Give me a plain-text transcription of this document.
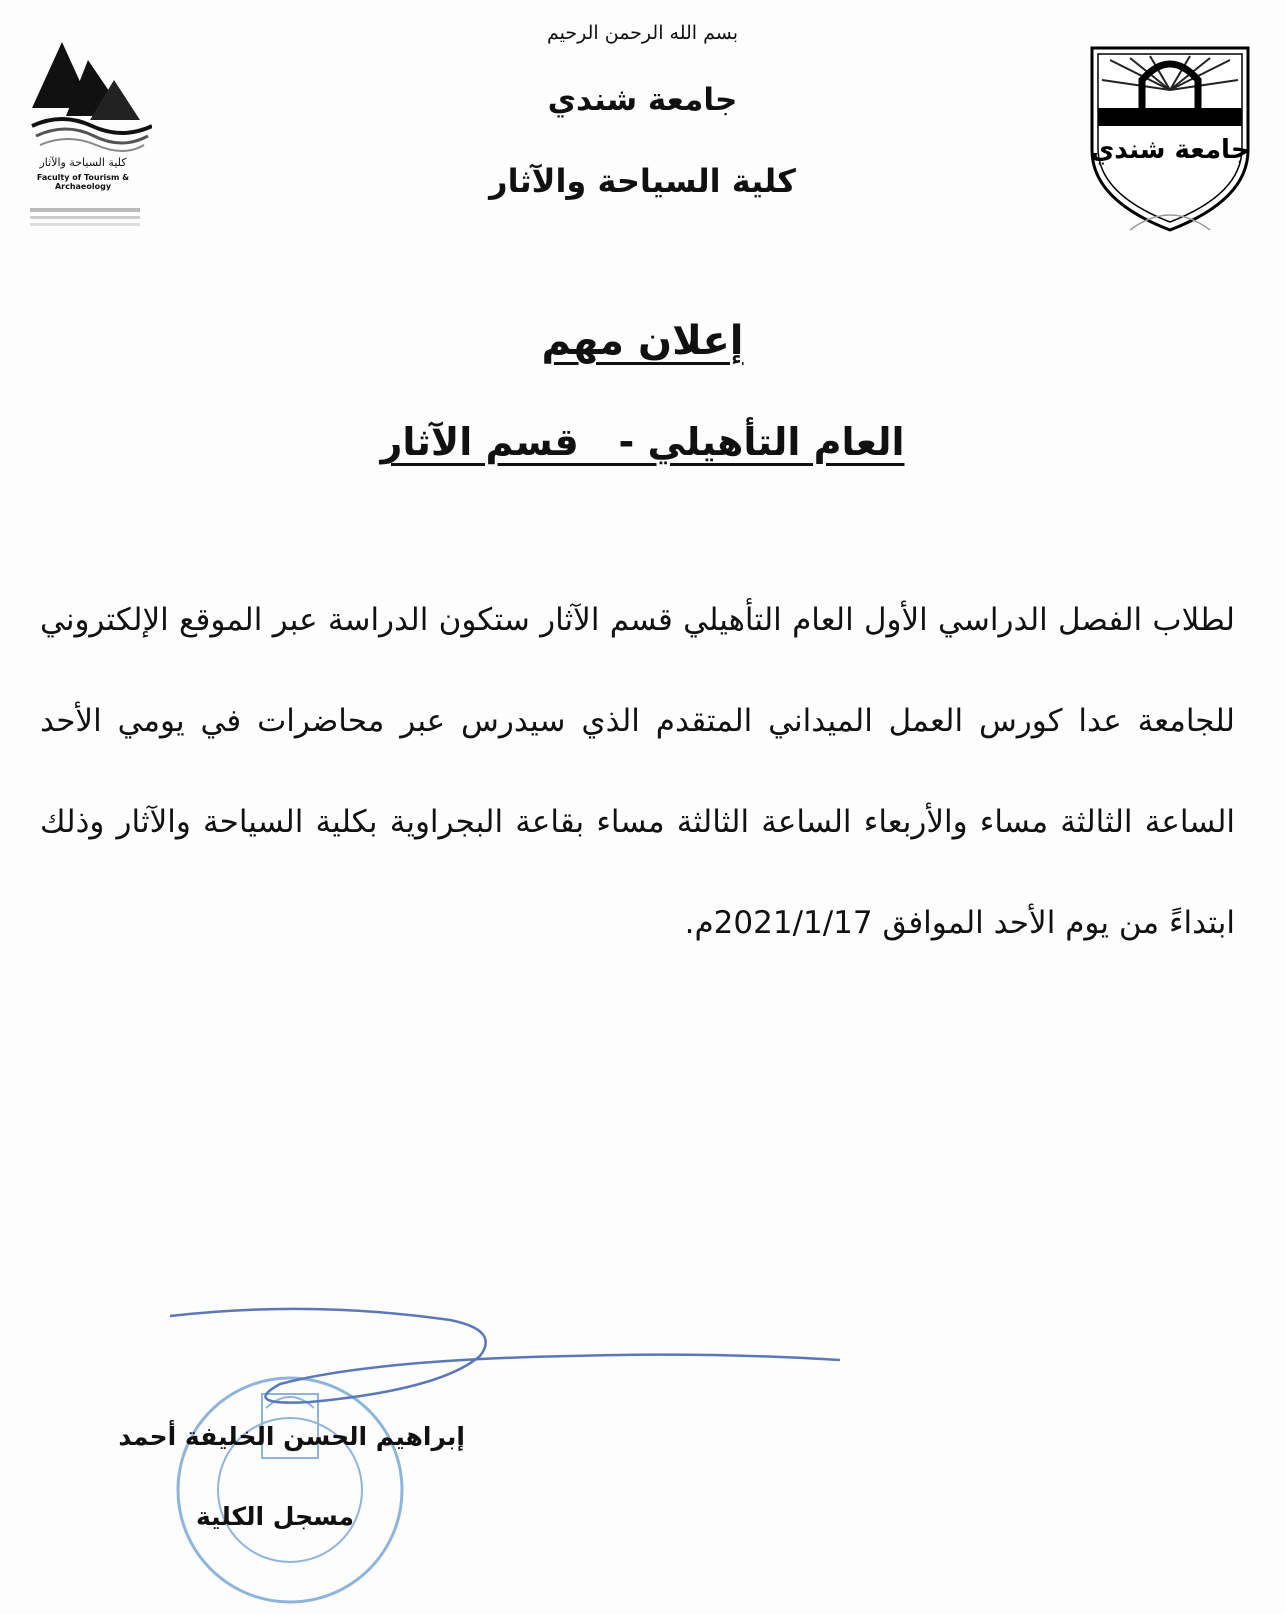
جامعة شندي
كلية السياحة والآثار
Faculty of Tourism & Archaeology
بسم الله الرحمن الرحيم
جامعة شندي
كلية السياحة والآثار
إعلان مهم
العام التأهيلي -   قسم الآثار
لطلاب الفصل الدراسي الأول العام التأهيلي قسم الآثار ستكون الدراسة عبر الموقع الإلكتروني للجامعة عدا كورس العمل الميداني المتقدم الذي سيدرس عبر محاضرات في يومي الأحد الساعة الثالثة مساء والأربعاء الساعة الثالثة مساء بقاعة البجراوية بكلية السياحة والآثار وذلك ابتداءً من يوم الأحد الموافق 2021/1/17م.
إبراهيم الحسن الخليفة أحمد
مسجل الكلية
